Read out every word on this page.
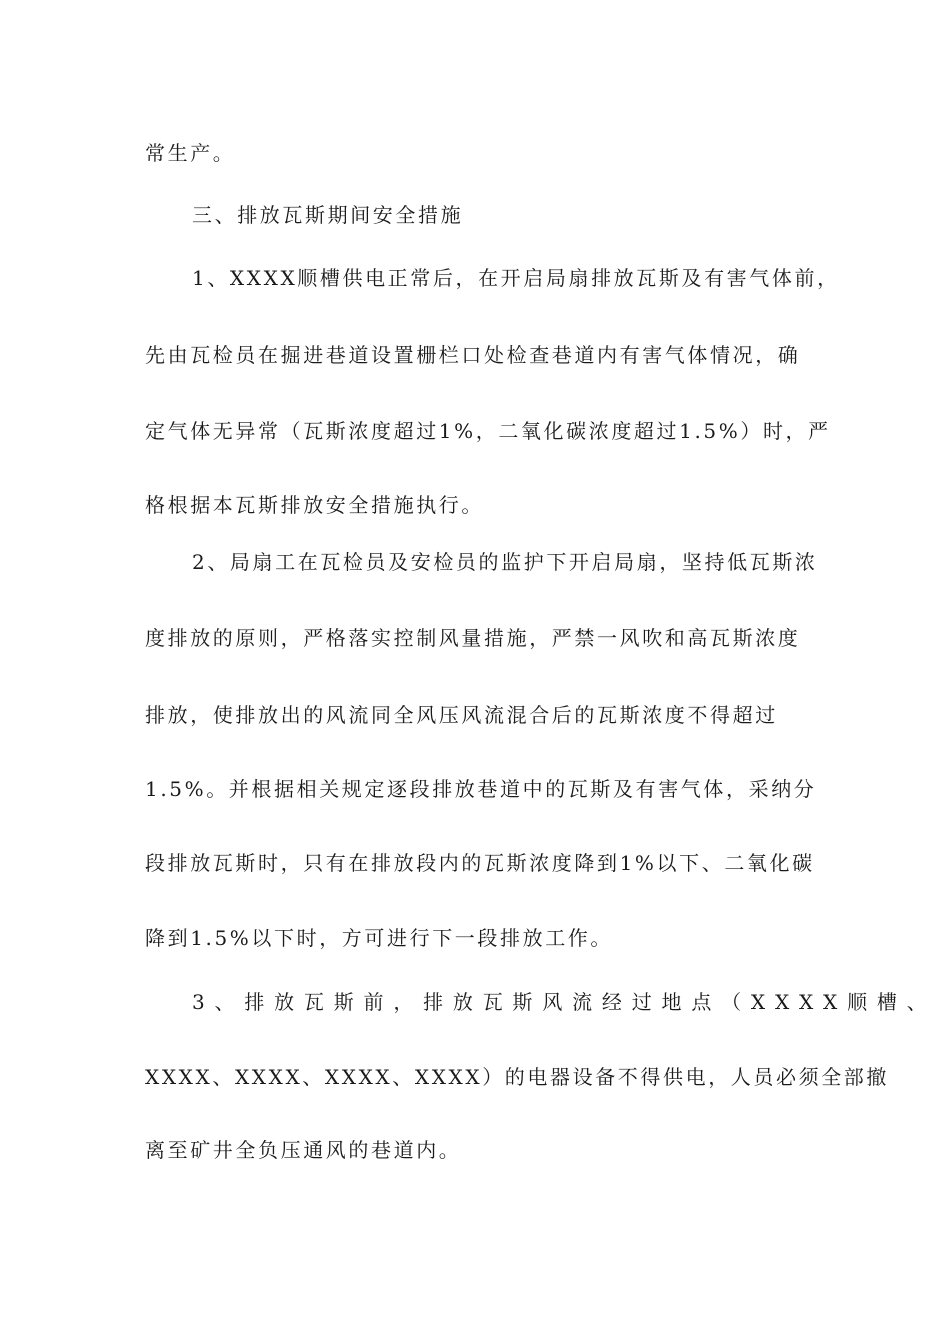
常生产。
三、排放瓦斯期间安全措施
1、XXXX顺槽供电正常后，在开启局扇排放瓦斯及有害气体前，
先由瓦检员在掘进巷道设置栅栏口处检查巷道内有害气体情况，确
定气体无异常（瓦斯浓度超过1%，二氧化碳浓度超过1.5%）时，严
格根据本瓦斯排放安全措施执行。
2、局扇工在瓦检员及安检员的监护下开启局扇，坚持低瓦斯浓
度排放的原则，严格落实控制风量措施，严禁一风吹和高瓦斯浓度
排放，使排放出的风流同全风压风流混合后的瓦斯浓度不得超过
1.5%。并根据相关规定逐段排放巷道中的瓦斯及有害气体，采纳分
段排放瓦斯时，只有在排放段内的瓦斯浓度降到1%以下、二氧化碳
降到1.5%以下时，方可进行下一段排放工作。
3、排放瓦斯前，排放瓦斯风流经过地点（XXXX顺槽、
XXXX、XXXX、XXXX、XXXX）的电器设备不得供电，人员必须全部撤
离至矿井全负压通风的巷道内。
